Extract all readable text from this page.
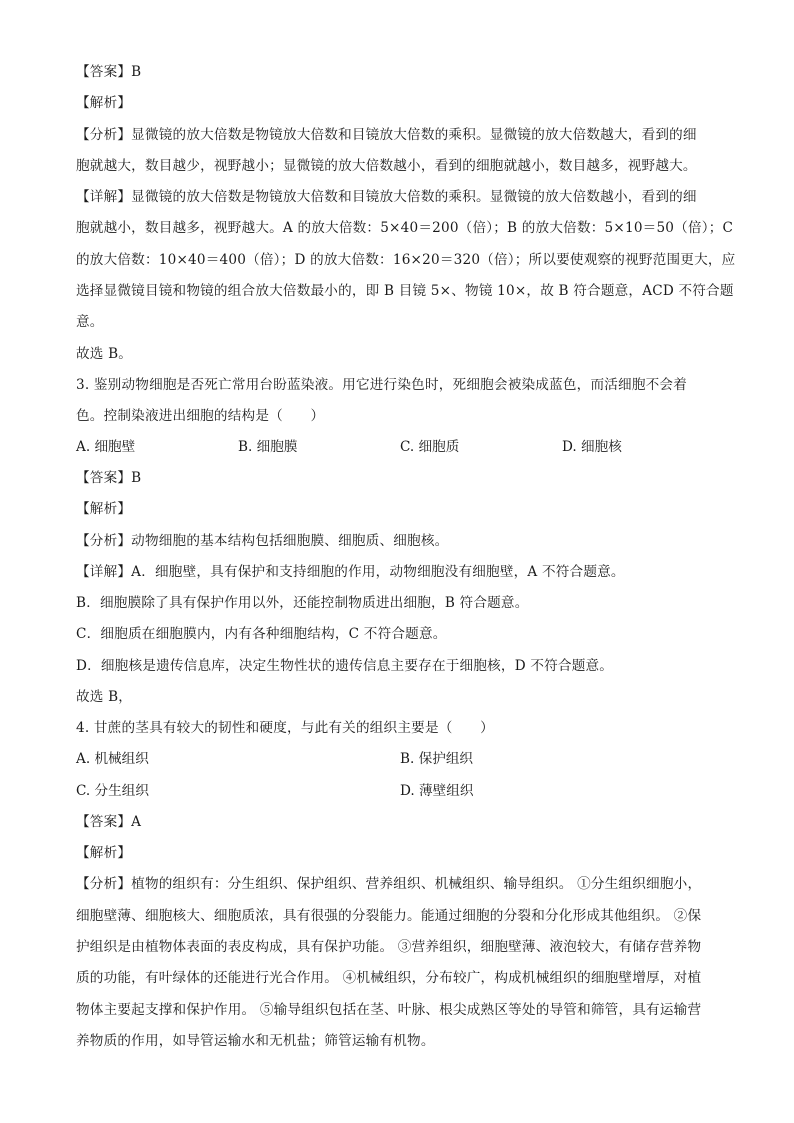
【答案】B
【解析】
【分析】显微镜的放大倍数是物镜放大倍数和目镜放大倍数的乘积。显微镜的放大倍数越大，看到的细
胞就越大，数目越少，视野越小；显微镜的放大倍数越小，看到的细胞就越小，数目越多，视野越大。
【详解】显微镜的放大倍数是物镜放大倍数和目镜放大倍数的乘积。显微镜的放大倍数越小，看到的细
胞就越小，数目越多，视野越大。A 的放大倍数：5×40＝200（倍）；B 的放大倍数：5×10＝50（倍）；C
的放大倍数：10×40＝400（倍）；D 的放大倍数：16×20＝320（倍）；所以要使观察的视野范围更大，应
选择显微镜目镜和物镜的组合放大倍数最小的，即 B 目镜 5×、物镜 10×，故 B 符合题意，ACD 不符合题
意。
故选 B。
3. 鉴别动物细胞是否死亡常用台盼蓝染液。用它进行染色时，死细胞会被染成蓝色，而活细胞不会着
色。控制染液进出细胞的结构是（　　）
A. 细胞壁	B. 细胞膜	C. 细胞质	D. 细胞核
【答案】B
【解析】
【分析】动物细胞的基本结构包括细胞膜、细胞质、细胞核。
【详解】A．细胞壁，具有保护和支持细胞的作用，动物细胞没有细胞壁，A 不符合题意。
B．细胞膜除了具有保护作用以外，还能控制物质进出细胞，B 符合题意。
C．细胞质在细胞膜内，内有各种细胞结构，C 不符合题意。
D．细胞核是遗传信息库，决定生物性状的遗传信息主要存在于细胞核，D 不符合题意。
故选 B，
4. 甘蔗的茎具有较大的韧性和硬度，与此有关的组织主要是（　　）
A. 机械组织	B. 保护组织
C. 分生组织	D. 薄壁组织
【答案】A
【解析】
【分析】植物的组织有：分生组织、保护组织、营养组织、机械组织、输导组织。 ①分生组织细胞小，
细胞壁薄、细胞核大、细胞质浓，具有很强的分裂能力。能通过细胞的分裂和分化形成其他组织。 ②保
护组织是由植物体表面的表皮构成，具有保护功能。 ③营养组织，细胞壁薄、液泡较大，有储存营养物
质的功能，有叶绿体的还能进行光合作用。 ④机械组织，分布较广，构成机械组织的细胞壁增厚，对植
物体主要起支撑和保护作用。 ⑤输导组织包括在茎、叶脉、根尖成熟区等处的导管和筛管，具有运输营
养物质的作用，如导管运输水和无机盐；筛管运输有机物。
